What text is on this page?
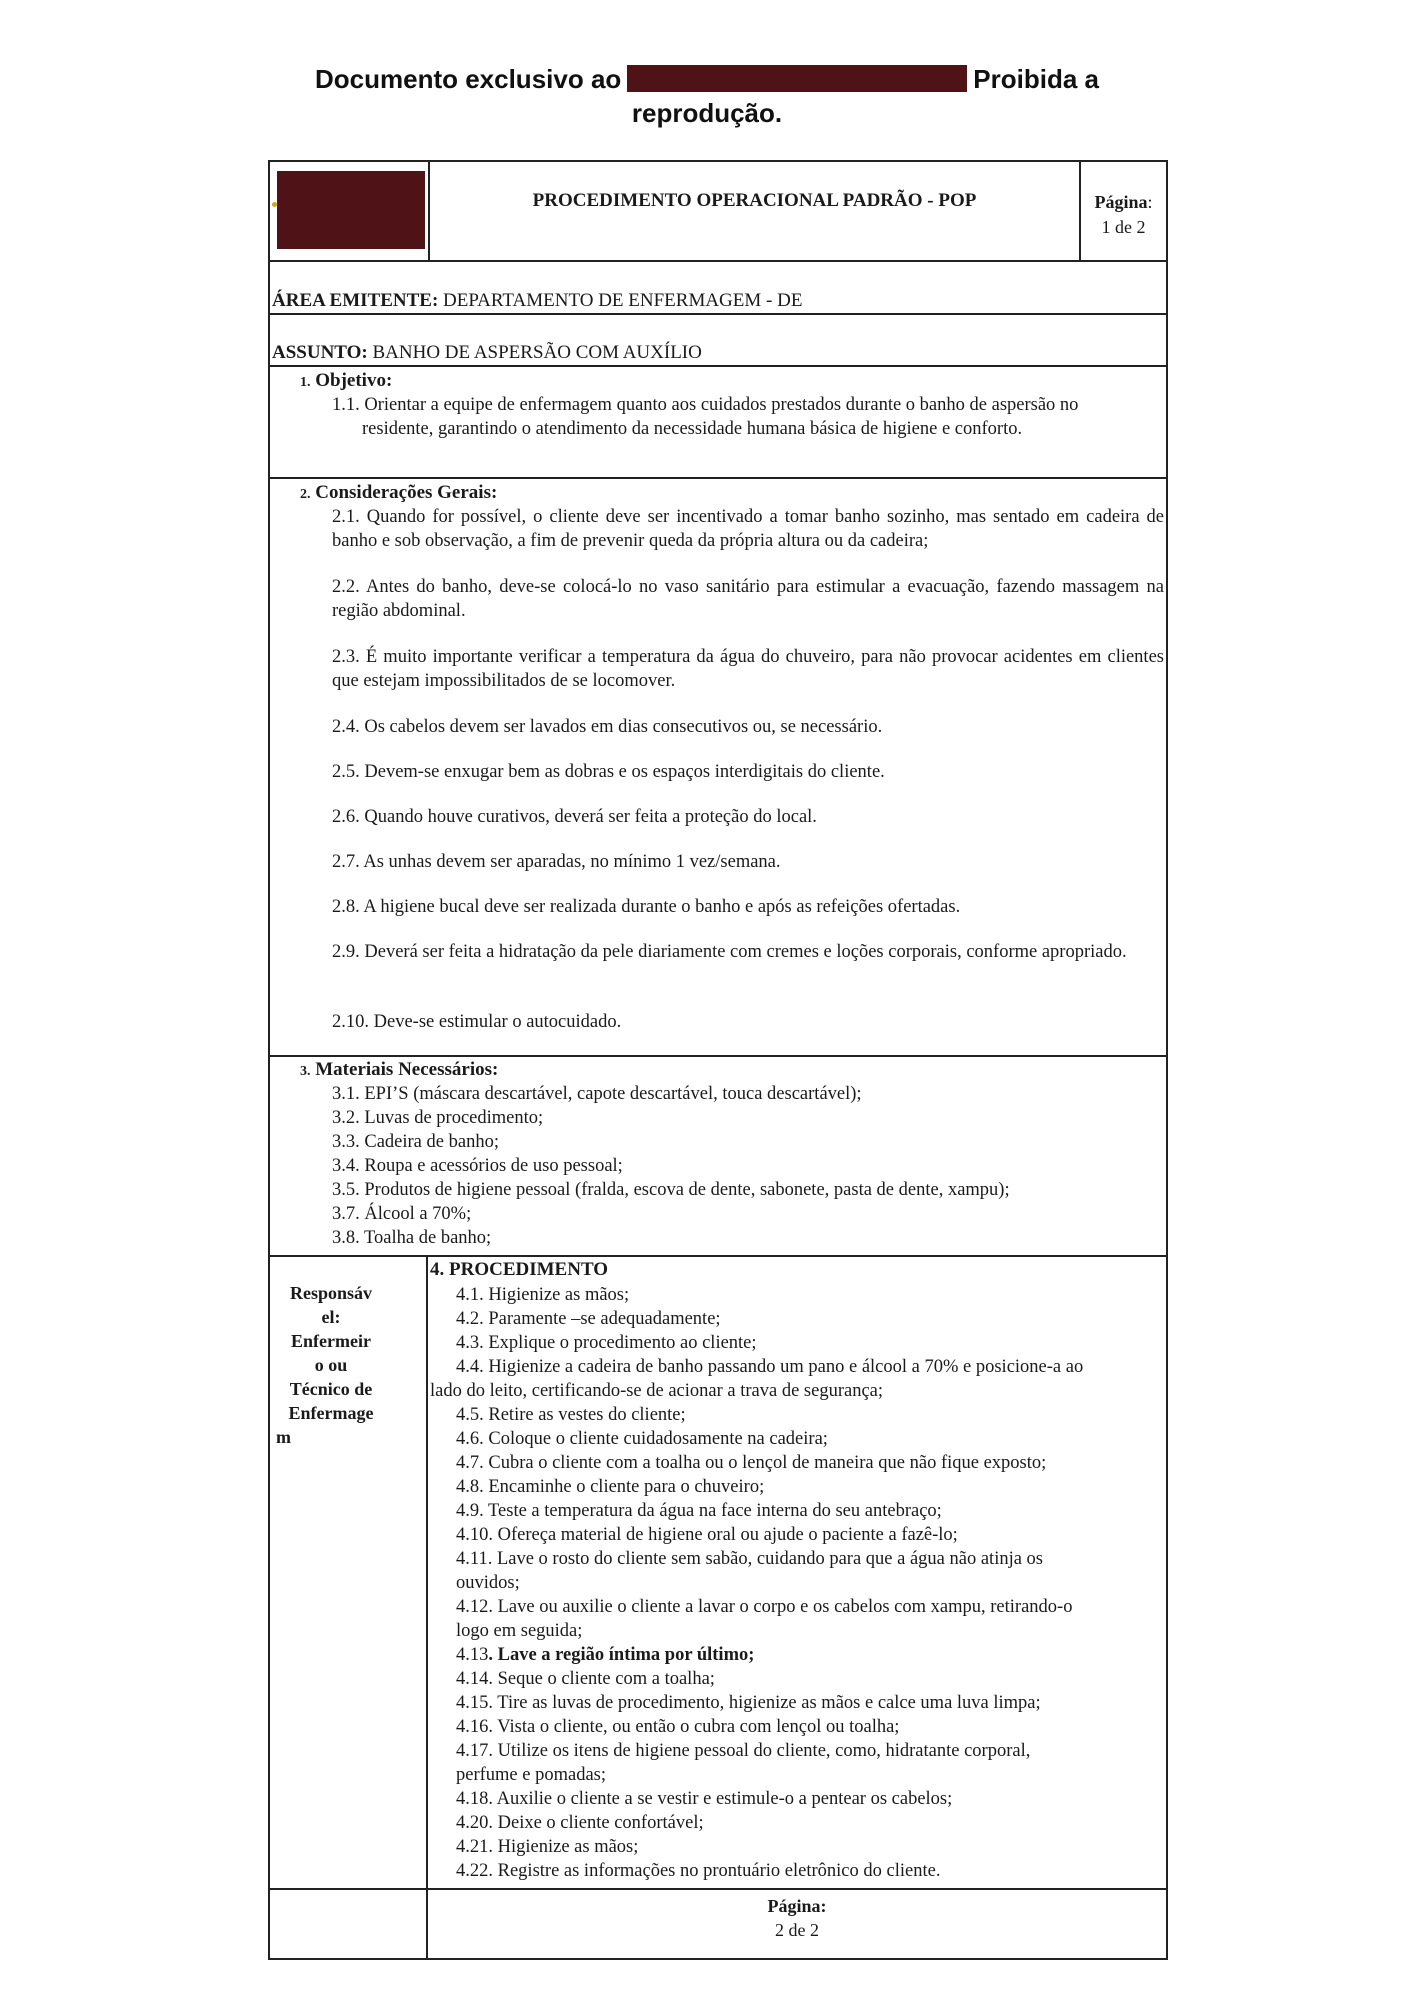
Documento exclusivo ao	Proibida a
reprodução.
PROCEDIMENTO OPERACIONAL PADRÃO - POP	Página:
1 de 2
ÁREA EMITENTE: DEPARTAMENTO DE ENFERMAGEM - DE
ASSUNTO: BANHO DE ASPERSÃO COM AUXÍLIO
1. Objetivo:
1.1. Orientar a equipe de enfermagem quanto aos cuidados prestados durante o banho de aspersão no
residente, garantindo o atendimento da necessidade humana básica de higiene e conforto.
2. Considerações Gerais:
2.1. Quando for possível, o cliente deve ser incentivado a tomar banho sozinho, mas sentado em cadeira de banho e sob observação, a fim de prevenir queda da própria altura ou da cadeira;
2.2. Antes do banho, deve-se colocá-lo no vaso sanitário para estimular a evacuação, fazendo massagem na região abdominal.
2.3. É muito importante verificar a temperatura da água do chuveiro, para não provocar acidentes em clientes que estejam impossibilitados de se locomover.
2.4. Os cabelos devem ser lavados em dias consecutivos ou, se necessário.
2.5. Devem-se enxugar bem as dobras e os espaços interdigitais do cliente.
2.6. Quando houve curativos, deverá ser feita a proteção do local.
2.7. As unhas devem ser aparadas, no mínimo 1 vez/semana.
2.8. A higiene bucal deve ser realizada durante o banho e após as refeições ofertadas.
2.9. Deverá ser feita a hidratação da pele diariamente com cremes e loções corporais, conforme apropriado.
2.10. Deve-se estimular o autocuidado.
3. Materiais Necessários:
3.1. EPI’S (máscara descartável, capote descartável, touca descartável);
3.2. Luvas de procedimento;
3.3. Cadeira de banho;
3.4. Roupa e acessórios de uso pessoal;
3.5. Produtos de higiene pessoal (fralda, escova de dente, sabonete, pasta de dente, xampu);
3.7. Álcool a 70%;
3.8. Toalha de banho;
Responsáv
el:
Enfermeir
o ou
Técnico de
Enfermage
m
4. PROCEDIMENTO
4.1. Higienize as mãos;
4.2. Paramente –se adequadamente;
4.3. Explique o procedimento ao cliente;
4.4. Higienize a cadeira de banho passando um pano e álcool a 70% e posicione-a ao
lado do leito, certificando-se de acionar a trava de segurança;
4.5. Retire as vestes do cliente;
4.6. Coloque o cliente cuidadosamente na cadeira;
4.7. Cubra o cliente com a toalha ou o lençol de maneira que não fique exposto;
4.8. Encaminhe o cliente para o chuveiro;
4.9. Teste a temperatura da água na face interna do seu antebraço;
4.10. Ofereça material de higiene oral ou ajude o paciente a fazê-lo;
4.11. Lave o rosto do cliente sem sabão, cuidando para que a água não atinja os
ouvidos;
4.12. Lave ou auxilie o cliente a lavar o corpo e os cabelos com xampu, retirando-o
logo em seguida;
4.13. Lave a região íntima por último;
4.14. Seque o cliente com a toalha;
4.15. Tire as luvas de procedimento, higienize as mãos e calce uma luva limpa;
4.16. Vista o cliente, ou então o cubra com lençol ou toalha;
4.17. Utilize os itens de higiene pessoal do cliente, como, hidratante corporal,
perfume e pomadas;
4.18. Auxilie o cliente a se vestir e estimule-o a pentear os cabelos;
4.20. Deixe o cliente confortável;
4.21. Higienize as mãos;
4.22. Registre as informações no prontuário eletrônico do cliente.
Página:
2 de 2
